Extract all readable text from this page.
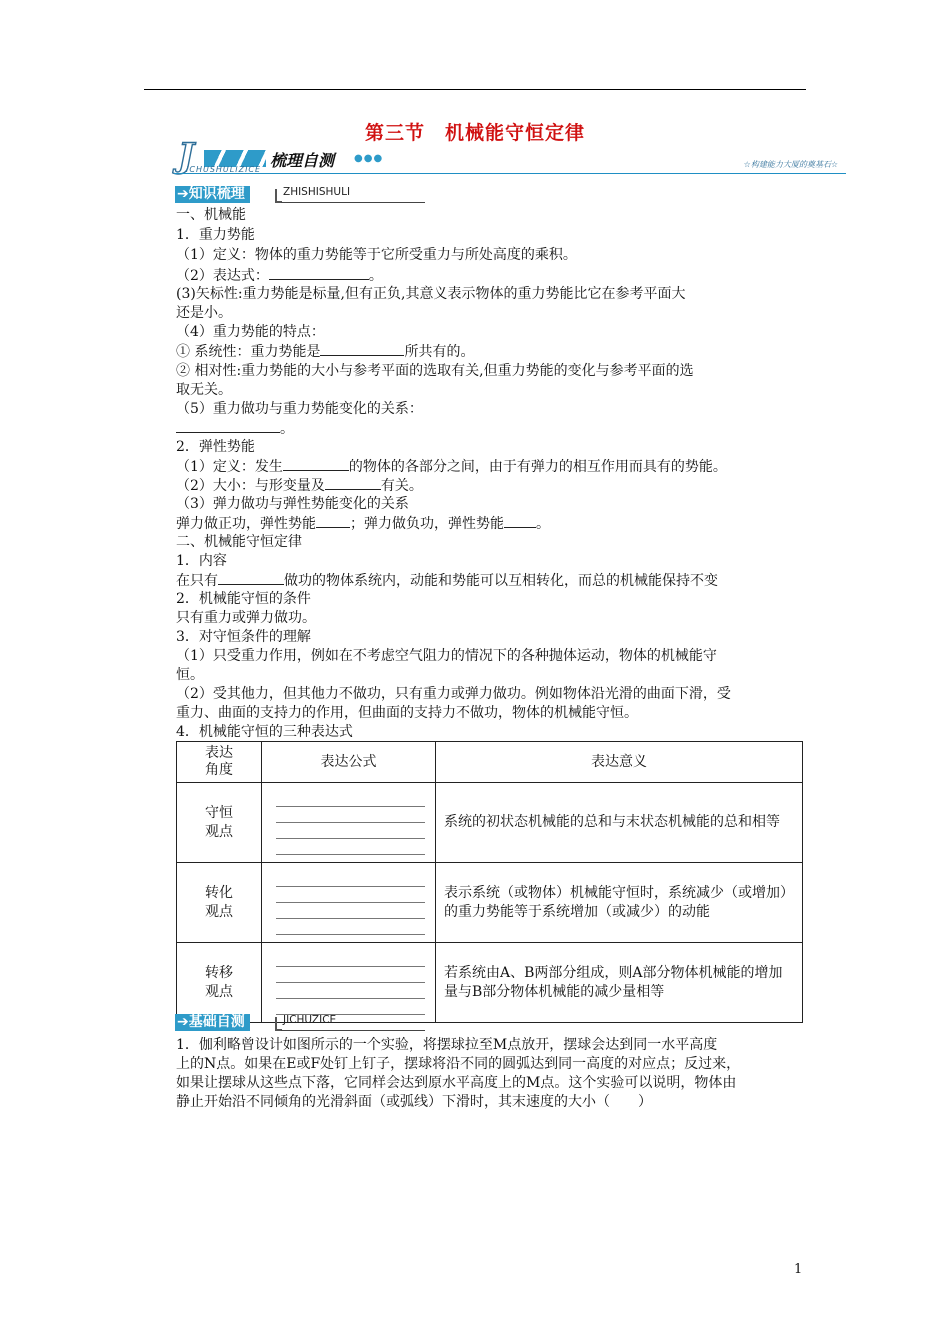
第三节　机械能守恒定律
J	梳理自测 ●●●
ICHUSHULIZICE
☆构建能力大厦的奠基石☆
➔知识梳理	ZHISHISHULI
一、机械能
1．重力势能
（1）定义：物体的重力势能等于它所受重力与所处高度的乘积。
（2）表达式：	。
(3)矢标性:重力势能是标量,但有正负,其意义表示物体的重力势能比它在参考平面大
还是小。
（4）重力势能的特点：
① 系统性：重力势能是	所共有的。
② 相对性:重力势能的大小与参考平面的选取有关,但重力势能的变化与参考平面的选
取无关。
（5）重力做功与重力势能变化的关系：
。
2．弹性势能
（1）定义：发生	的物体的各部分之间，由于有弹力的相互作用而具有的势能。
（2）大小：与形变量及	有关。
（3）弹力做功与弹性势能变化的关系
弹力做正功，弹性势能 ；弹力做负功，弹性势能 。
二、机械能守恒定律
1．内容
在只有	做功的物体系统内，动能和势能可以互相转化，而总的机械能保持不变
2．机械能守恒的条件
只有重力或弹力做功。
3．对守恒条件的理解
（1）只受重力作用，例如在不考虑空气阻力的情况下的各种抛体运动，物体的机械能守
恒。
（2）受其他力，但其他力不做功，只有重力或弹力做功。例如物体沿光滑的曲面下滑，受
重力、曲面的支持力的作用，但曲面的支持力不做功，物体的机械能守恒。
4．机械能守恒的三种表达式
表达
角度	表达公式	表达意义
守恒
观点		系统的初状态机械能的总和与末状态机械能的总和相等
转化
观点		表示系统（或物体）机械能守恒时，系统减少（或增加）的重力势能等于系统增加（或减少）的动能
转移
观点		若系统由A、B两部分组成，则A部分物体机械能的增加量与B部分物体机械能的减少量相等
➔基础自测	JICHUZICE
1．伽利略曾设计如图所示的一个实验，将摆球拉至M点放开，摆球会达到同一水平高度
上的N点。如果在E或F处钉上钉子，摆球将沿不同的圆弧达到同一高度的对应点；反过来，
如果让摆球从这些点下落，它同样会达到原水平高度上的M点。这个实验可以说明，物体由
静止开始沿不同倾角的光滑斜面（或弧线）下滑时，其末速度的大小（　　）
1
